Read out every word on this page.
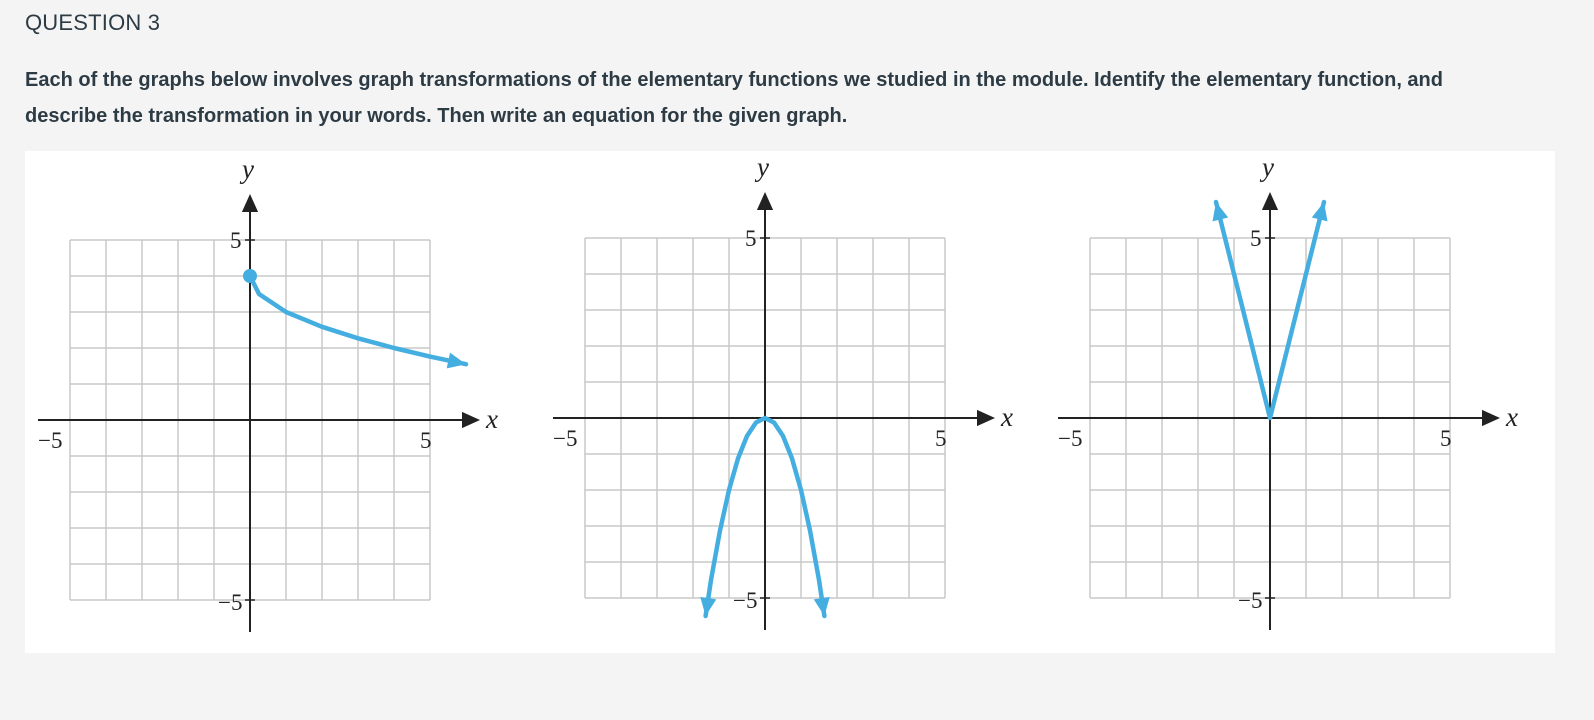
QUESTION 3
Each of the graphs below involves graph transformations of the elementary functions we studied in the module. Identify the elementary function, and describe the transformation in your words. Then write an equation for the given graph.
x
y
−5	5
5
−5
x
y
−5	5
5
−5
x
y
−5	5
5
−5
